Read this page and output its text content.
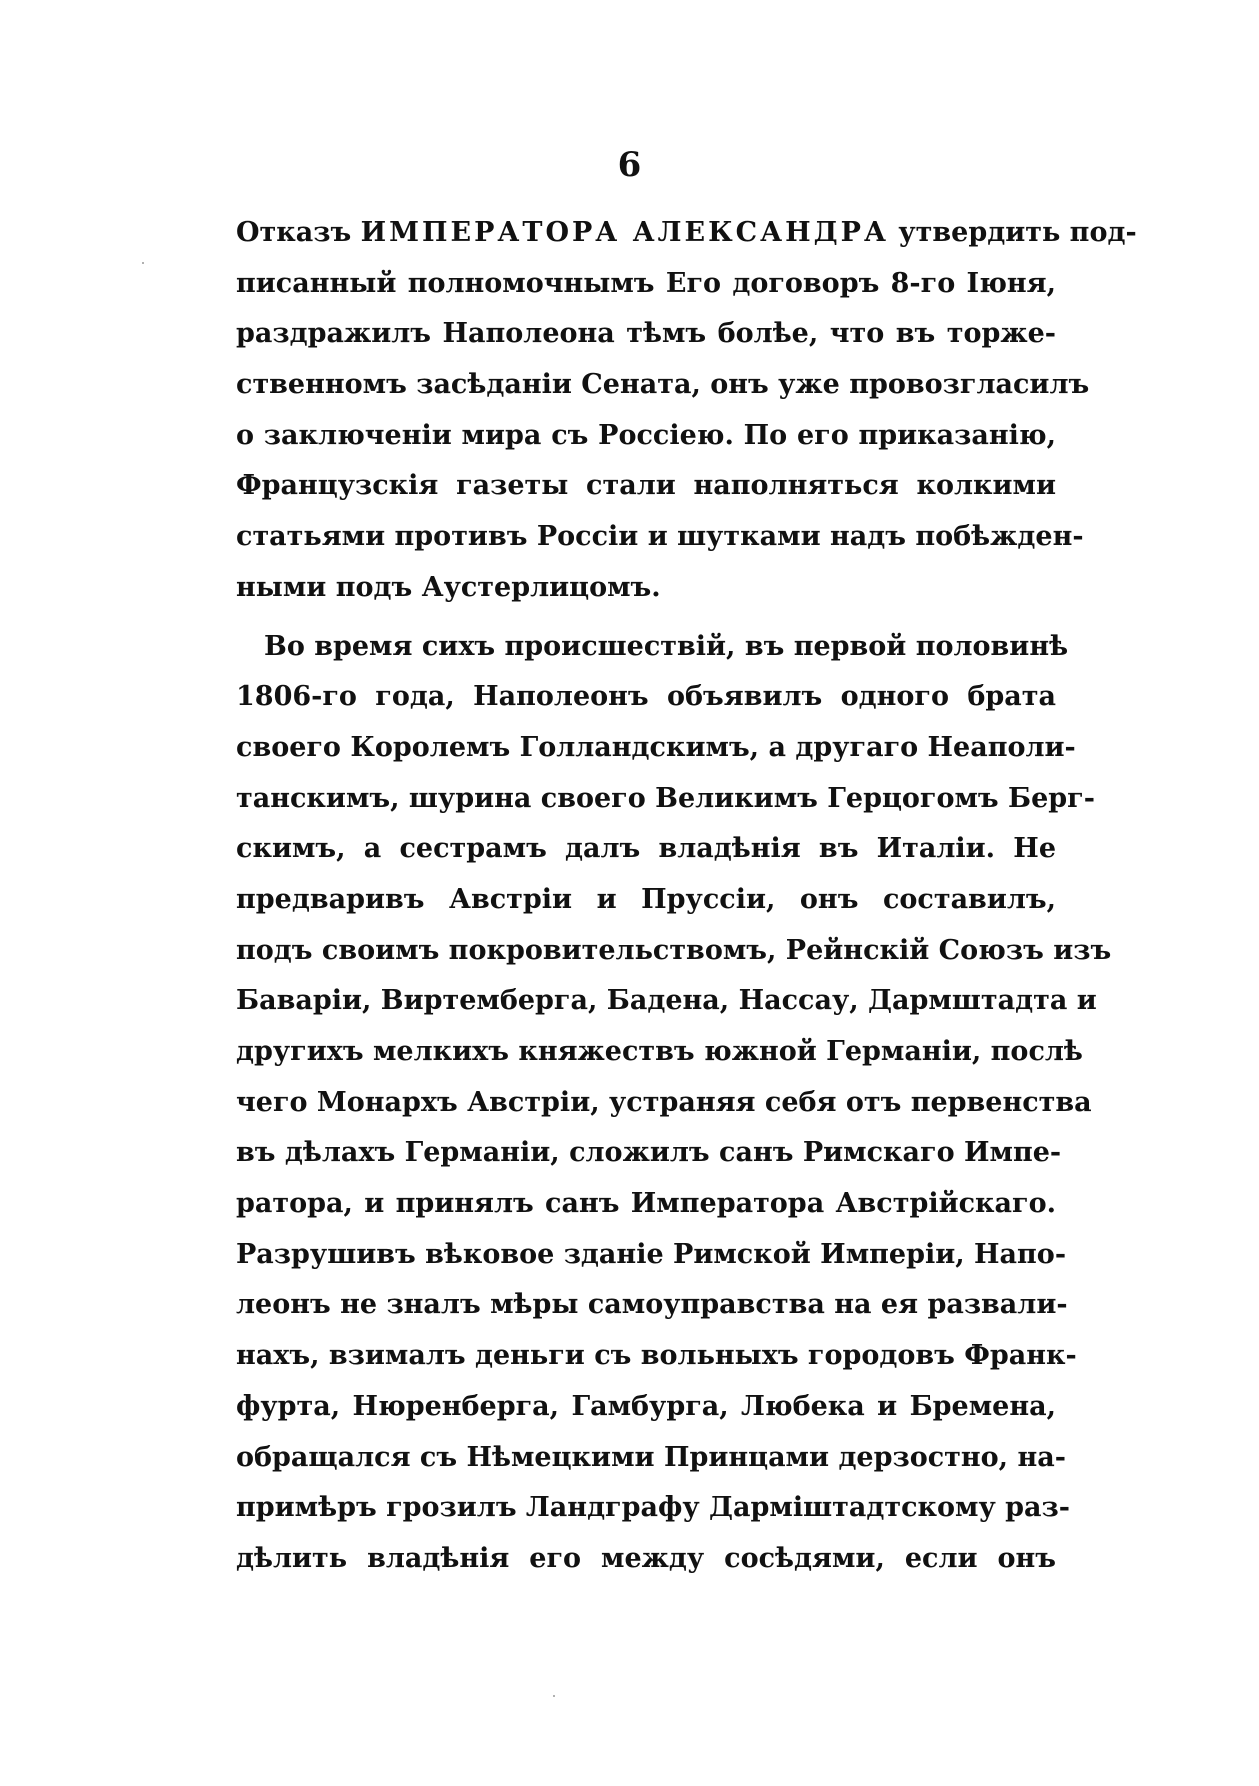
6
Отказъ ИМПЕРАТОРА АЛЕКСАНДРА утвердить под-
писанный полномочнымъ Его договоръ 8-го Іюня,
раздражилъ Наполеона тѣмъ болѣе, что въ торже-
ственномъ засѣданіи Сената, онъ уже провозгласилъ
о заключеніи мира съ Россіею. По его приказанію,
Французскія газеты стали наполняться колкими
статьями противъ Россіи и шутками надъ побѣжден-
ными подъ Аустерлицомъ.
Во время сихъ происшествій, въ первой половинѣ
1806-го года, Наполеонъ объявилъ одного брата
своего Королемъ Голландскимъ, а другаго Неаполи-
танскимъ, шурина своего Великимъ Герцогомъ Берг-
скимъ, а сестрамъ далъ владѣнія въ Италіи. Не
предваривъ Австріи и Пруссіи, онъ составилъ,
подъ своимъ покровительствомъ, Рейнскій Союзъ изъ
Баваріи, Виртемберга, Бадена, Нассау, Дармштадта и
другихъ мелкихъ княжествъ южной Германіи, послѣ
чего Монархъ Австріи, устраняя себя отъ первенства
въ дѣлахъ Германіи, сложилъ санъ Римскаго Импе-
ратора, и принялъ санъ Императора Австрійскаго.
Разрушивъ вѣковое зданіе Римской Имперіи, Напо-
леонъ не зналъ мѣры самоуправства на ея развали-
нахъ, взималъ деньги съ вольныхъ городовъ Франк-
фурта, Нюренберга, Гамбурга, Любека и Бремена,
обращался съ Нѣмецкими Принцами дерзостно, на-
примѣръ грозилъ Ландграфу Дарміштадтскому раз-
дѣлить владѣнія его между сосѣдями, если онъ
